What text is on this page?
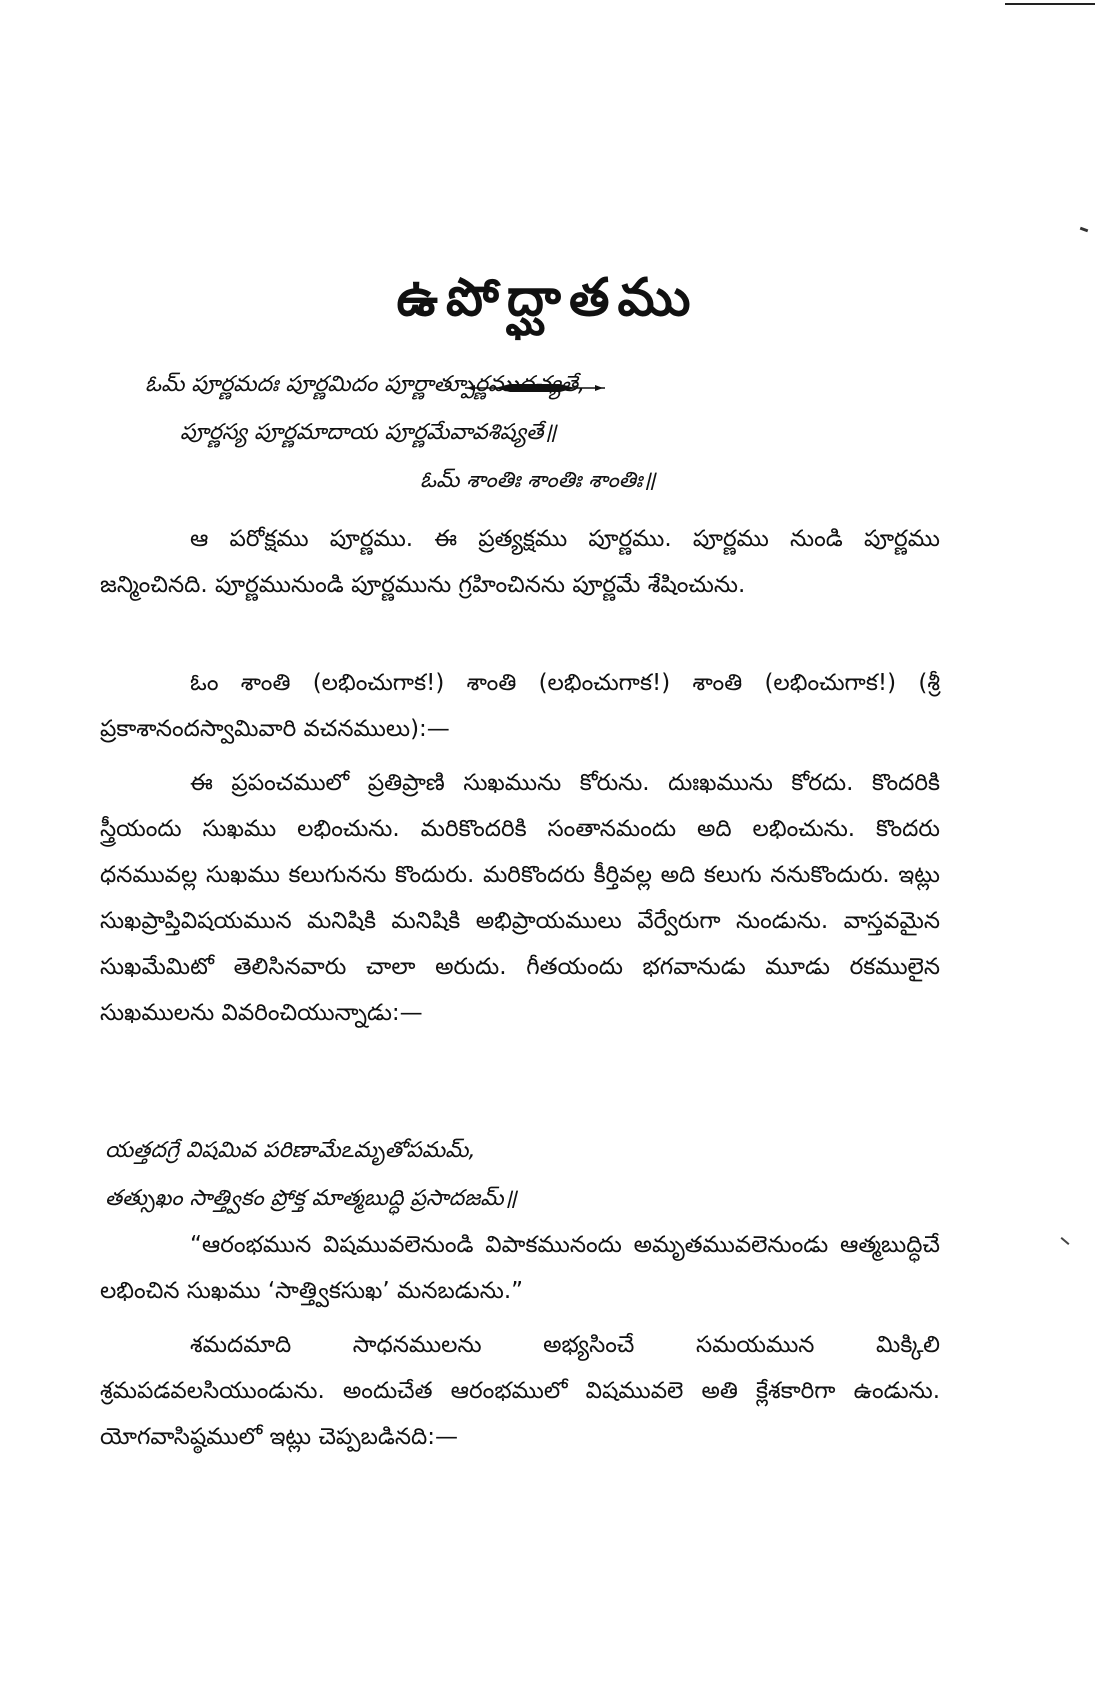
ఉపోద్ఘాతము

ఓమ్ పూర్ణమదః పూర్ణమిదం పూర్ణాత్పూర్ణముదచ్యతే,

పూర్ణస్య పూర్ణమాదాయ పూర్ణమేవావశిష్యతే॥

ఓమ్ శాంతిః శాంతిః శాంతిః॥

ఆ పరోక్షము పూర్ణము. ఈ ప్రత్యక్షము పూర్ణము. పూర్ణము నుండి పూర్ణము జన్మించినది. పూర్ణమునుండి పూర్ణమును గ్రహించినను పూర్ణమే శేషించును.

ఓం శాంతి (లభించుగాక!) శాంతి (లభించుగాక!) శాంతి (లభించుగాక!) (శ్రీ ప్రకాశానందస్వామివారి వచనములు):—

ఈ ప్రపంచములో ప్రతిప్రాణి సుఖమును కోరును. దుఃఖమును కోరదు. కొందరికి స్త్రీయందు సుఖము లభించును. మరికొందరికి సంతానమందు అది లభించును. కొందరు ధనమువల్ల సుఖము కలుగునను కొందురు. మరికొందరు కీర్తివల్ల అది కలుగు ననుకొందురు. ఇట్లు సుఖప్రాప్తివిషయమున మనిషికి మనిషికి అభిప్రాయములు వేర్వేరుగా నుండును. వాస్తవమైన సుఖమేమిటో తెలిసినవారు చాలా అరుదు. గీతయందు భగవానుడు మూడు రకములైన సుఖములను వివరించియున్నాడు:—

యత్తదగ్రే విషమివ పరిణామేఽమృతోపమమ్,

తత్సుఖం సాత్త్వికం ప్రోక్త మాత్మబుద్ధి ప్రసాదజమ్॥

“ఆరంభమున విషమువలెనుండి విపాకమునందు అమృతమువలెనుండు ఆత్మబుద్ధిచే లభించిన సుఖము ‘సాత్త్వికసుఖ’ మనబడును.”

శమదమాది సాధనములను అభ్యసించే సమయమున మిక్కిలి శ్రమపడవలసియుండును. అందుచేత ఆరంభములో విషమువలె అతి క్లేశకారిగా ఉండును. యోగవాసిష్ఠములో ఇట్లు చెప్పబడినది:—
